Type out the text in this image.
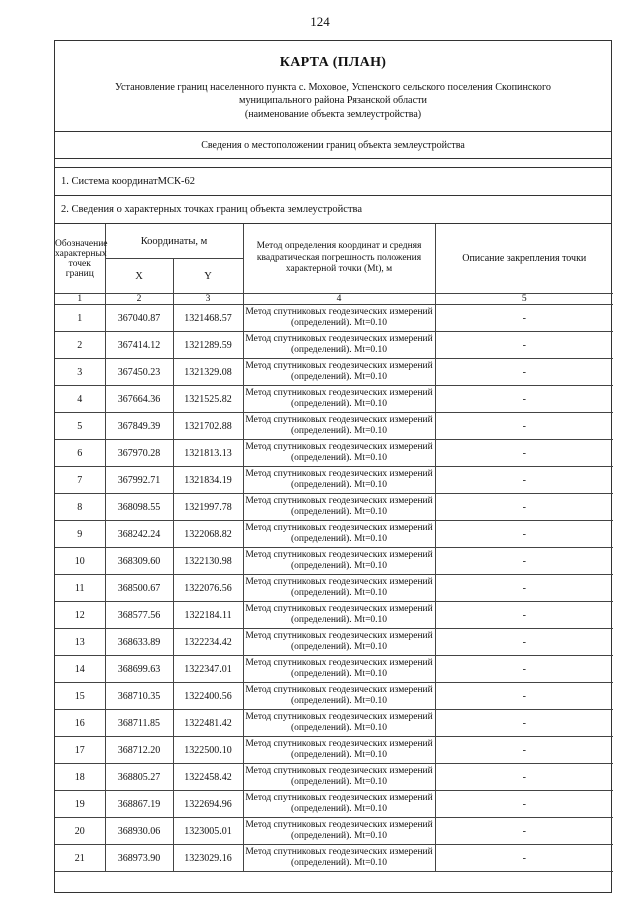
124
КАРТА (ПЛАН)
Установление границ населенного пункта с. Моховое, Успенского сельского поселения Скопинского муниципального района Рязанской области
(наименование объекта землеустройства)
Сведения о местоположении границ объекта землеустройства
1. Система координатМСК-62
2. Сведения о характерных точках границ объекта землеустройства
Обозначение характерных точек границ	Координаты, м		Метод определения координат и средняя квадратическая погрешность положения характерной точки (Mt), м	Описание закрепления точки
	X	Y		
1	2	3	4	5
1	367040.87	1321468.57	Метод спутниковых геодезических измерений (определений). Mt=0.10	-
2	367414.12	1321289.59	Метод спутниковых геодезических измерений (определений). Mt=0.10	-
3	367450.23	1321329.08	Метод спутниковых геодезических измерений (определений). Mt=0.10	-
4	367664.36	1321525.82	Метод спутниковых геодезических измерений (определений). Mt=0.10	-
5	367849.39	1321702.88	Метод спутниковых геодезических измерений (определений). Mt=0.10	-
6	367970.28	1321813.13	Метод спутниковых геодезических измерений (определений). Mt=0.10	-
7	367992.71	1321834.19	Метод спутниковых геодезических измерений (определений). Mt=0.10	-
8	368098.55	1321997.78	Метод спутниковых геодезических измерений (определений). Mt=0.10	-
9	368242.24	1322068.82	Метод спутниковых геодезических измерений (определений). Mt=0.10	-
10	368309.60	1322130.98	Метод спутниковых геодезических измерений (определений). Mt=0.10	-
11	368500.67	1322076.56	Метод спутниковых геодезических измерений (определений). Mt=0.10	-
12	368577.56	1322184.11	Метод спутниковых геодезических измерений (определений). Mt=0.10	-
13	368633.89	1322234.42	Метод спутниковых геодезических измерений (определений). Mt=0.10	-
14	368699.63	1322347.01	Метод спутниковых геодезических измерений (определений). Mt=0.10	-
15	368710.35	1322400.56	Метод спутниковых геодезических измерений (определений). Mt=0.10	-
16	368711.85	1322481.42	Метод спутниковых геодезических измерений (определений). Mt=0.10	-
17	368712.20	1322500.10	Метод спутниковых геодезических измерений (определений). Mt=0.10	-
18	368805.27	1322458.42	Метод спутниковых геодезических измерений (определений). Mt=0.10	-
19	368867.19	1322694.96	Метод спутниковых геодезических измерений (определений). Mt=0.10	-
20	368930.06	1323005.01	Метод спутниковых геодезических измерений (определений). Mt=0.10	-
21	368973.90	1323029.16	Метод спутниковых геодезических измерений (определений). Mt=0.10	-
